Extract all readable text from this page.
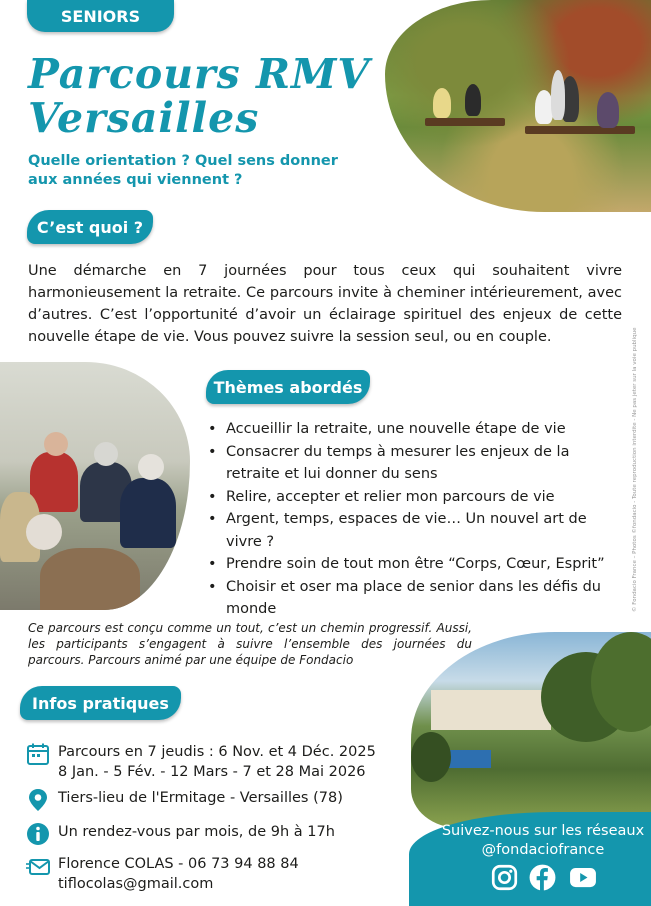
SENIORS
Parcours RMV
Versailles
Quelle orientation ? Quel sens donner aux années qui viennent ?
C’est quoi ?

Une démarche en 7 journées pour tous ceux qui souhaitent vivre harmonieusement la retraite. Ce parcours invite à cheminer intérieurement, avec d’autres. C’est l’opportunité d’avoir un éclairage spirituel des enjeux de cette nouvelle étape de vie. Vous pouvez suivre la session seul, ou en couple.

Thèmes abordés
• Accueillir la retraite, une nouvelle étape de vie
• Consacrer du temps à mesurer les enjeux de la retraite et lui donner du sens
• Relire, accepter et relier mon parcours de vie
• Argent, temps, espaces de vie… Un nouvel art de vivre ?
• Prendre soin de tout mon être “Corps, Cœur, Esprit”
• Choisir et oser ma place de senior dans les défis du monde

Ce parcours est conçu comme un tout, c’est un chemin progressif. Aussi, les participants s’engagent à suivre l’ensemble des journées du parcours. Parcours animé par une équipe de Fondacio

Infos pratiques
Parcours en 7 jeudis : 6 Nov. et 4 Déc. 2025
8 Jan. - 5 Fév. - 12 Mars - 7 et 28 Mai 2026
Tiers-lieu de l'Ermitage - Versailles (78)
Un rendez-vous par mois, de 9h à 17h
Florence COLAS - 06 73 94 88 84
tiflocolas@gmail.com
Suivez-nous sur les réseaux
@fondaciofrance
© Fondacio France – Photos ©fondacio - Toute reproduction interdite - Ne pas jeter sur la voie publique
